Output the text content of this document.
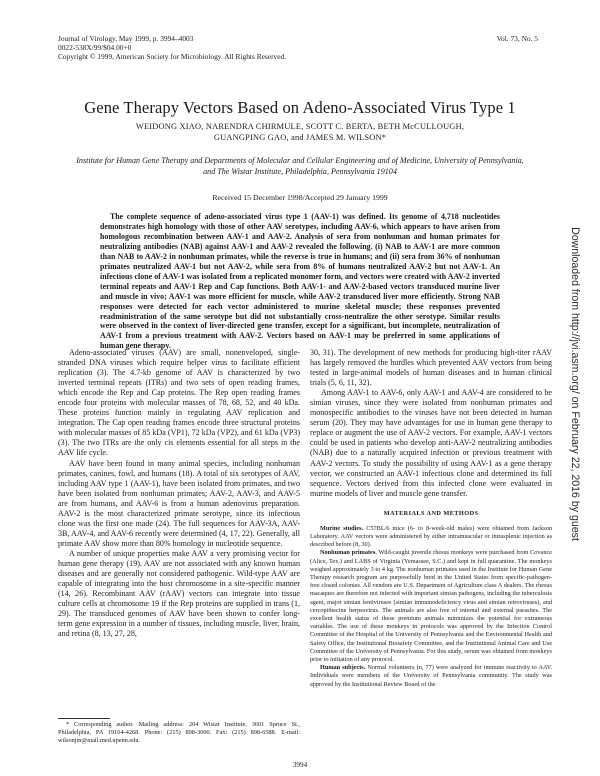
Journal of Virology, May 1999, p. 3994–4003
0022-538X/99/$04.00+0
Copyright © 1999, American Society for Microbiology. All Rights Reserved.
Vol. 73, No. 5
Gene Therapy Vectors Based on Adeno-Associated Virus Type 1
WEIDONG XIAO, NARENDRA CHIRMULE, SCOTT C. BERTA, BETH McCULLOUGH,
GUANGPING GAO, and JAMES M. WILSON*
Institute for Human Gene Therapy and Departments of Molecular and Cellular Engineering and of Medicine, University of Pennsylvania, and The Wistar Institute, Philadelphia, Pennsylvania 19104
Received 15 December 1998/Accepted 29 January 1999

The complete sequence of adeno-associated virus type 1 (AAV-1) was defined. Its genome of 4,718 nucleotides demonstrates high homology with those of other AAV serotypes, including AAV-6, which appears to have arisen from homologous recombination between AAV-1 and AAV-2. Analysis of sera from nonhuman and human primates for neutralizing antibodies (NAB) against AAV-1 and AAV-2 revealed the following. (i) NAB to AAV-1 are more common than NAB to AAV-2 in nonhuman primates, while the reverse is true in humans; and (ii) sera from 36% of nonhuman primates neutralized AAV-1 but not AAV-2, while sera from 8% of humans neutralized AAV-2 but not AAV-1. An infectious clone of AAV-1 was isolated from a replicated monomer form, and vectors were created with AAV-2 inverted terminal repeats and AAV-1 Rep and Cap functions. Both AAV-1- and AAV-2-based vectors transduced murine liver and muscle in vivo; AAV-1 was more efficient for muscle, while AAV-2 transduced liver more efficiently. Strong NAB responses were detected for each vector administered to murine skeletal muscle; these responses prevented readministration of the same serotype but did not substantially cross-neutralize the other serotype. Similar results were observed in the context of liver-directed gene transfer, except for a significant, but incomplete, neutralization of AAV-1 from a previous treatment with AAV-2. Vectors based on AAV-1 may be preferred in some applications of human gene therapy.

Adeno-associated viruses (AAV) are small, nonenveloped, single-stranded DNA viruses which require helper virus to facilitate efficient replication (3). The 4.7-kb genome of AAV is characterized by two inverted terminal repeats (ITRs) and two sets of open reading frames, which encode the Rep and Cap proteins. The Rep open reading frames encode four proteins with molecular masses of 78, 68, 52, and 40 kDa. These proteins function mainly in regulating AAV replication and integration. The Cap open reading frames encode three structural proteins with molecular masses of 85 kDa (VP1), 72 kDa (VP2), and 61 kDa (VP3) (3). The two ITRs are the only cis elements essential for all steps in the AAV life cycle.

AAV have been found in many animal species, including nonhuman primates, canines, fowl, and humans (18). A total of six serotypes of AAV, including AAV type 1 (AAV-1), have been isolated from primates, and two have been isolated from nonhuman primates; AAV-2, AAV-3, and AAV-5 are from humans, and AAV-6 is from a human adenovirus preparation. AAV-2 is the most characterized primate serotype, since its infectious clone was the first one made (24). The full sequences for AAV-3A, AAV-3B, AAV-4, and AAV-6 recently were determined (4, 17, 22). Generally, all primate AAV show more than 80% homology in nucleotide sequence.

A number of unique properties make AAV a very promising vector for human gene therapy (19). AAV are not associated with any known human diseases and are generally not considered pathogenic. Wild-type AAV are capable of integrating into the host chromosome in a site-specific manner (14, 26). Recombinant AAV (rAAV) vectors can integrate into tissue culture cells at chromosome 19 if the Rep proteins are supplied in trans (1, 29). The transduced genomes of AAV have been shown to confer long-term gene expression in a number of tissues, including muscle, liver, brain, and retina (8, 13, 27, 28,

30, 31). The development of new methods for producing high-titer rAAV has largely removed the hurdles which prevented AAV vectors from being tested in large-animal models of human diseases and in human clinical trials (5, 6, 11, 32).

Among AAV-1 to AAV-6, only AAV-1 and AAV-4 are considered to be simian viruses, since they were isolated from nonhuman primates and monospecific antibodies to the viruses have not been detected in human serum (20). They may have advantages for use in human gene therapy to replace or augment the use of AAV-2 vectors. For example, AAV-1 vectors could be used in patients who develop anti-AAV-2 neutralizing antibodies (NAB) due to a naturally acquired infection or previous treatment with AAV-2 vectors. To study the possibility of using AAV-1 as a gene therapy vector, we constructed an AAV-1 infectious clone and determined its full sequence. Vectors derived from this infected clone were evaluated in murine models of liver and muscle gene transfer.

MATERIALS AND METHODS

Murine studies. C57BL/6 mice (6- to 8-week-old males) were obtained from Jackson Laboratory. AAV vectors were administered by either intramuscular or intrasplenic injection as described before (8, 30).

Nonhuman primates. Wild-caught juvenile rhesus monkeys were purchased from Covance (Alice, Tex.) and LABS of Virginia (Yemassee, S.C.) and kept in full quarantine. The monkeys weighed approximately 3 to 4 kg. The nonhuman primates used in the Institute for Human Gene Therapy research program are purposefully bred in the United States from specific-pathogen-free closed colonies. All vendors are U.S. Department of Agriculture class A dealers. The rhesus macaques are therefore not infected with important simian pathogens, including the tuberculosis agent, major simian lentiviruses (simian immunodeficiency virus and simian retroviruses), and cercopithecine herpesvirus. The animals are also free of internal and external parasites. The excellent health status of these premium animals minimizes the potential for extraneous variables. The use of these monkeys in protocols was approved by the Infection Control Committee of the Hospital of the University of Pennsylvania and the Environmental Health and Safety Office, the Institutional Biosafety Committee, and the Institutional Animal Care and Use Committee of the University of Pennsylvania. For this study, serum was obtained from monkeys prior to initiation of any protocol.

Human subjects. Normal volunteers (n, 77) were analyzed for immune reactivity to AAV. Individuals were members of the University of Pennsylvania community. The study was approved by the Institutional Review Board of the

* Corresponding author. Mailing address: 204 Wistar Institute, 3601 Spruce St., Philadelphia, PA 19104-4268. Phone: (215) 898-3000. Fax: (215) 898-6588. E-mail: wilsonjm@mail.med.upenn.edu.
3994
Downloaded from http://jvi.asm.org/ on February 22, 2016 by guest
